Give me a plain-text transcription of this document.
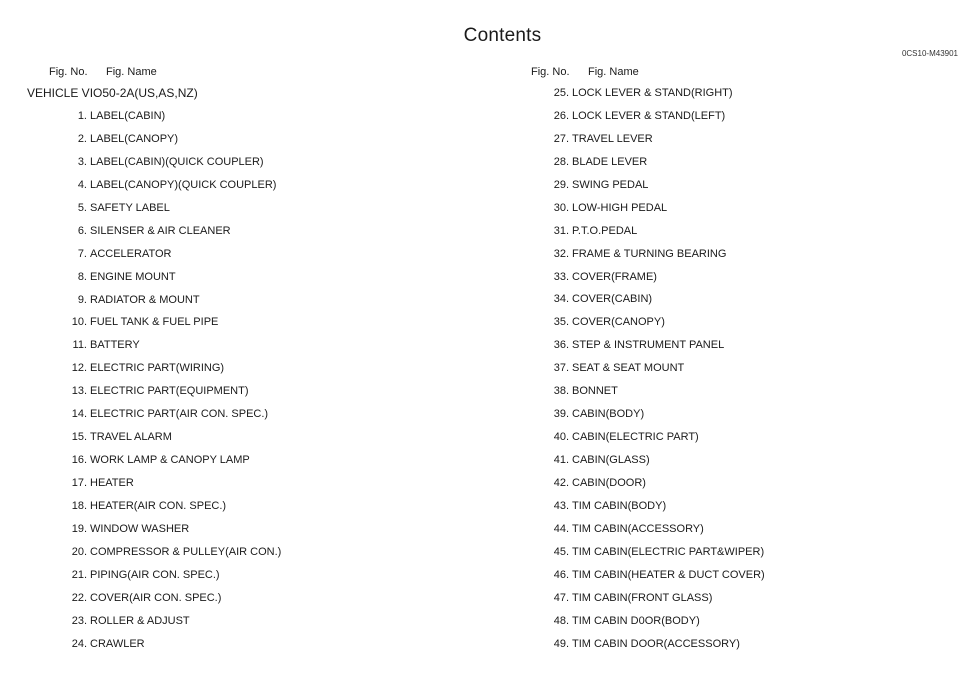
Contents
0CS10-M43901
Fig. No. Fig. Name	Fig. No. Fig. Name
VEHICLE VIO50-2A(US,AS,NZ)
1. LABEL(CABIN)
2. LABEL(CANOPY)
3. LABEL(CABIN)(QUICK COUPLER)
4. LABEL(CANOPY)(QUICK COUPLER)
5. SAFETY LABEL
6. SILENSER & AIR CLEANER
7. ACCELERATOR
8. ENGINE MOUNT
9. RADIATOR & MOUNT
10. FUEL TANK & FUEL PIPE
11. BATTERY
12. ELECTRIC PART(WIRING)
13. ELECTRIC PART(EQUIPMENT)
14. ELECTRIC PART(AIR CON. SPEC.)
15. TRAVEL ALARM
16. WORK LAMP & CANOPY LAMP
17. HEATER
18. HEATER(AIR CON. SPEC.)
19. WINDOW WASHER
20. COMPRESSOR & PULLEY(AIR CON.)
21. PIPING(AIR CON. SPEC.)
22. COVER(AIR CON. SPEC.)
23. ROLLER & ADJUST
24. CRAWLER
25. LOCK LEVER & STAND(RIGHT)
26. LOCK LEVER & STAND(LEFT)
27. TRAVEL LEVER
28. BLADE LEVER
29. SWING PEDAL
30. LOW-HIGH PEDAL
31. P.T.O.PEDAL
32. FRAME & TURNING BEARING
33. COVER(FRAME)
34. COVER(CABIN)
35. COVER(CANOPY)
36. STEP & INSTRUMENT PANEL
37. SEAT & SEAT MOUNT
38. BONNET
39. CABIN(BODY)
40. CABIN(ELECTRIC PART)
41. CABIN(GLASS)
42. CABIN(DOOR)
43. TIM CABIN(BODY)
44. TIM CABIN(ACCESSORY)
45. TIM CABIN(ELECTRIC PART&WIPER)
46. TIM CABIN(HEATER & DUCT COVER)
47. TIM CABIN(FRONT GLASS)
48. TIM CABIN D0OR(BODY)
49. TIM CABIN DOOR(ACCESSORY)
